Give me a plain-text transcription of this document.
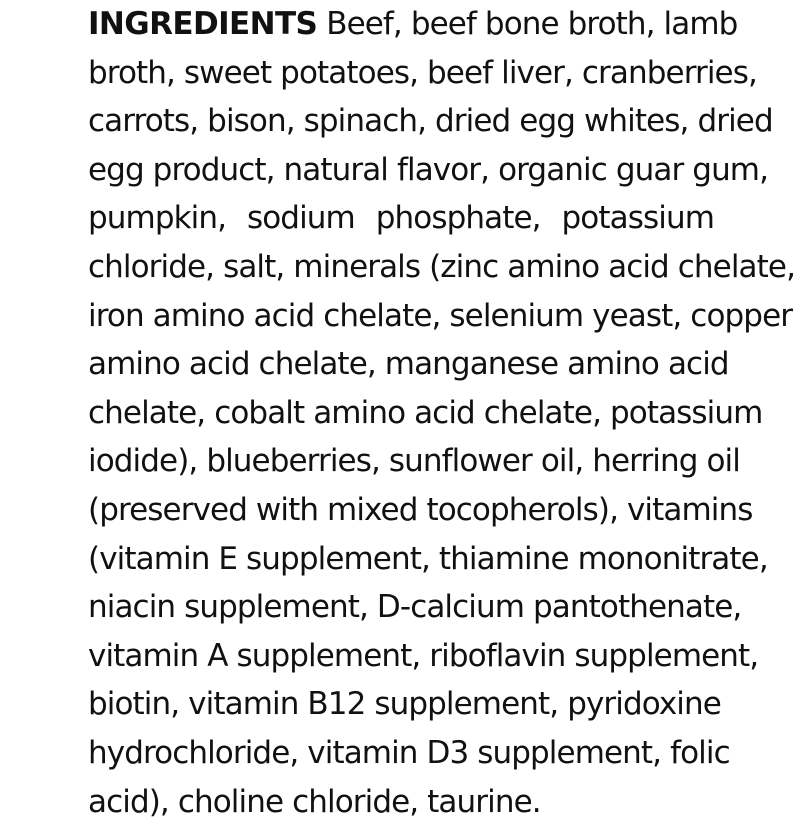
INGREDIENTS Beef, beef bone broth, lamb
broth, sweet potatoes, beef liver, cranberries,
carrots, bison, spinach, dried egg whites, dried
egg product, natural flavor, organic guar gum,
pumpkin, sodium phosphate, potassium
chloride, salt, minerals (zinc amino acid chelate,
iron amino acid chelate, selenium yeast, copper
amino acid chelate, manganese amino acid
chelate, cobalt amino acid chelate, potassium
iodide), blueberries, sunflower oil, herring oil
(preserved with mixed tocopherols), vitamins
(vitamin E supplement, thiamine mononitrate,
niacin supplement, D-calcium pantothenate,
vitamin A supplement, riboflavin supplement,
biotin, vitamin B12 supplement, pyridoxine
hydrochloride, vitamin D3 supplement, folic
acid), choline chloride, taurine.
